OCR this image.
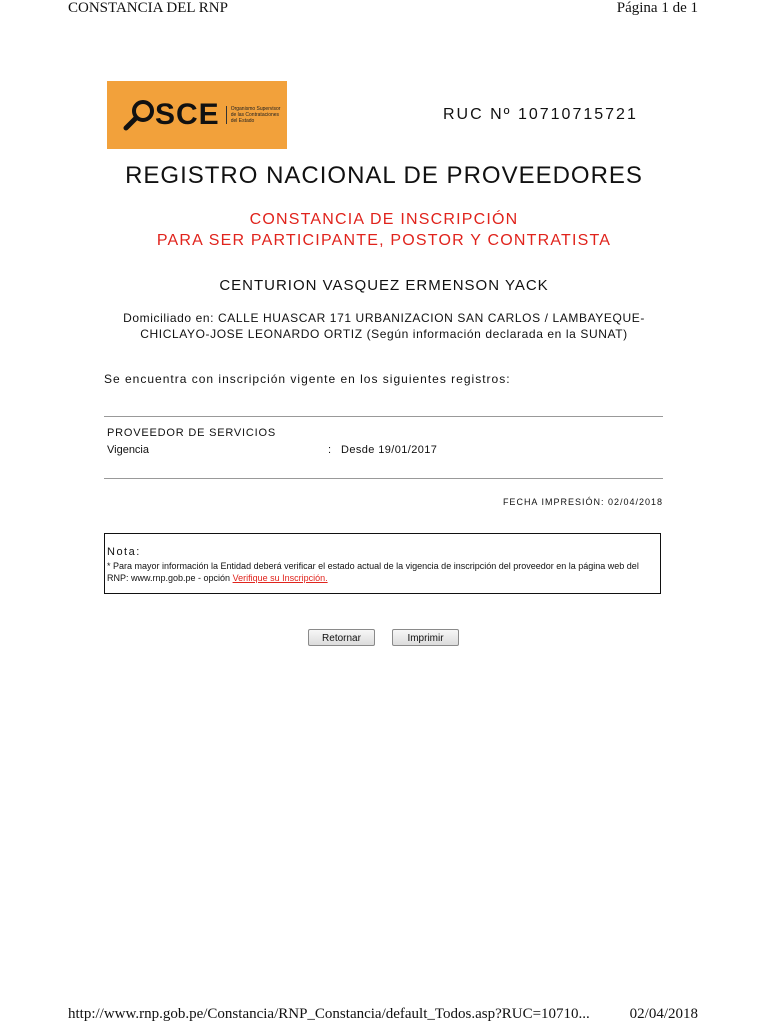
CONSTANCIA DEL RNP	Página 1 de 1
SCE	Organismo Supervisor de las Contrataciones del Estado	RUC Nº 10710715721
REGISTRO NACIONAL DE PROVEEDORES
CONSTANCIA DE INSCRIPCIÓN
PARA SER PARTICIPANTE, POSTOR Y CONTRATISTA
CENTURION VASQUEZ ERMENSON YACK
Domiciliado en: CALLE HUASCAR 171 URBANIZACION SAN CARLOS / LAMBAYEQUE-
CHICLAYO-JOSE LEONARDO ORTIZ (Según información declarada en la SUNAT)
Se encuentra con inscripción vigente en los siguientes registros:
PROVEEDOR DE SERVICIOS
Vigencia	: Desde 19/01/2017
FECHA IMPRESIÓN: 02/04/2018
Nota:
* Para mayor información la Entidad deberá verificar el estado actual de la vigencia de inscripción del proveedor en la página web del RNP: www.rnp.gob.pe - opción Verifique su Inscripción.
Retornar	Imprimir
http://www.rnp.gob.pe/Constancia/RNP_Constancia/default_Todos.asp?RUC=10710...	02/04/2018
